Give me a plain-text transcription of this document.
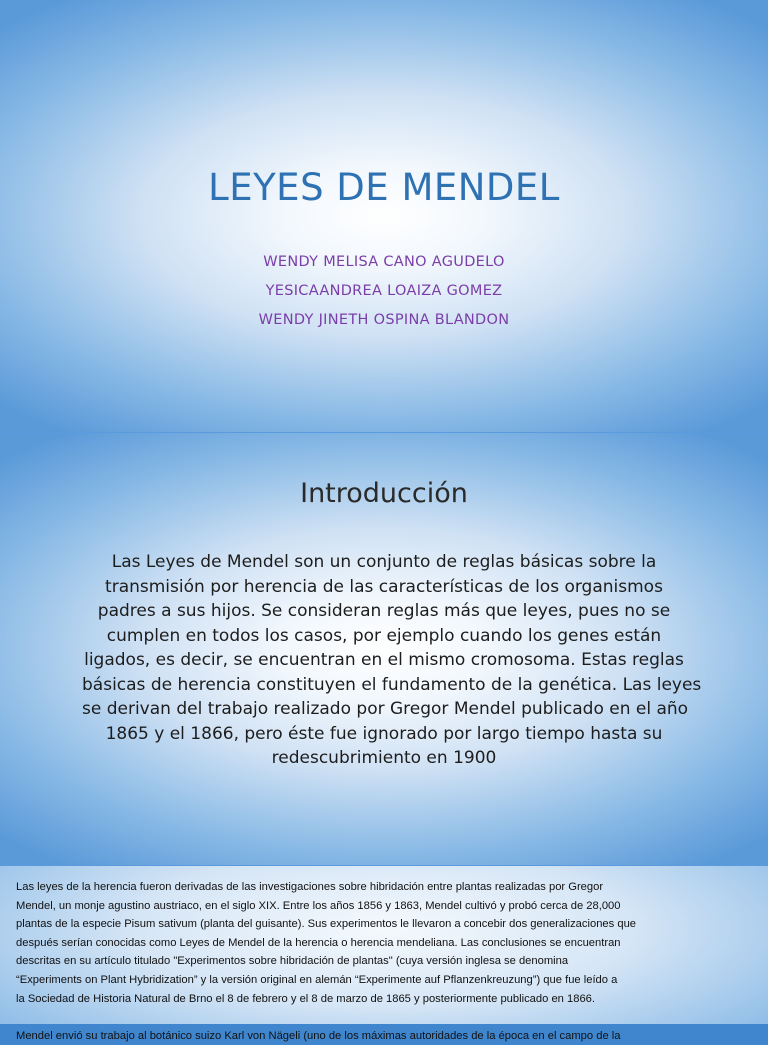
LEYES DE MENDEL
WENDY MELISA CANO AGUDELO
YESICAANDREA LOAIZA GOMEZ
WENDY JINETH OSPINA BLANDON
Introducción
Las Leyes de Mendel son un conjunto de reglas básicas sobre la
transmisión por herencia de las características de los organismos
padres a sus hijos. Se consideran reglas más que leyes, pues no se
cumplen en todos los casos, por ejemplo cuando los genes están
ligados, es decir, se encuentran en el mismo cromosoma. Estas reglas
básicas de herencia constituyen el fundamento de la genética. Las leyes
se derivan del trabajo realizado por Gregor Mendel publicado en el año
1865 y el 1866, pero éste fue ignorado por largo tiempo hasta su
redescubrimiento en 1900
Las leyes de la herencia fueron derivadas de las investigaciones sobre hibridación entre plantas realizadas por Gregor
Mendel, un monje agustino austriaco, en el siglo XIX. Entre los años 1856 y 1863, Mendel cultivó y probó cerca de 28,000
plantas de la especie Pisum sativum (planta del guisante). Sus experimentos le llevaron a concebir dos generalizaciones que
después serían conocidas como Leyes de Mendel de la herencia o herencia mendeliana. Las conclusiones se encuentran
descritas en su artículo titulado "Experimentos sobre hibridación de plantas" (cuya versión inglesa se denomina
“Experiments on Plant Hybridization” y la versión original en alemán “Experimente auf Pflanzenkreuzung”) que fue leído a
la Sociedad de Historia Natural de Brno el 8 de febrero y el 8 de marzo de 1865 y posteriormente publicado en 1866.
Mendel envió su trabajo al botánico suizo Karl von Nägeli (uno de los máximas autoridades de la época en el campo de la
